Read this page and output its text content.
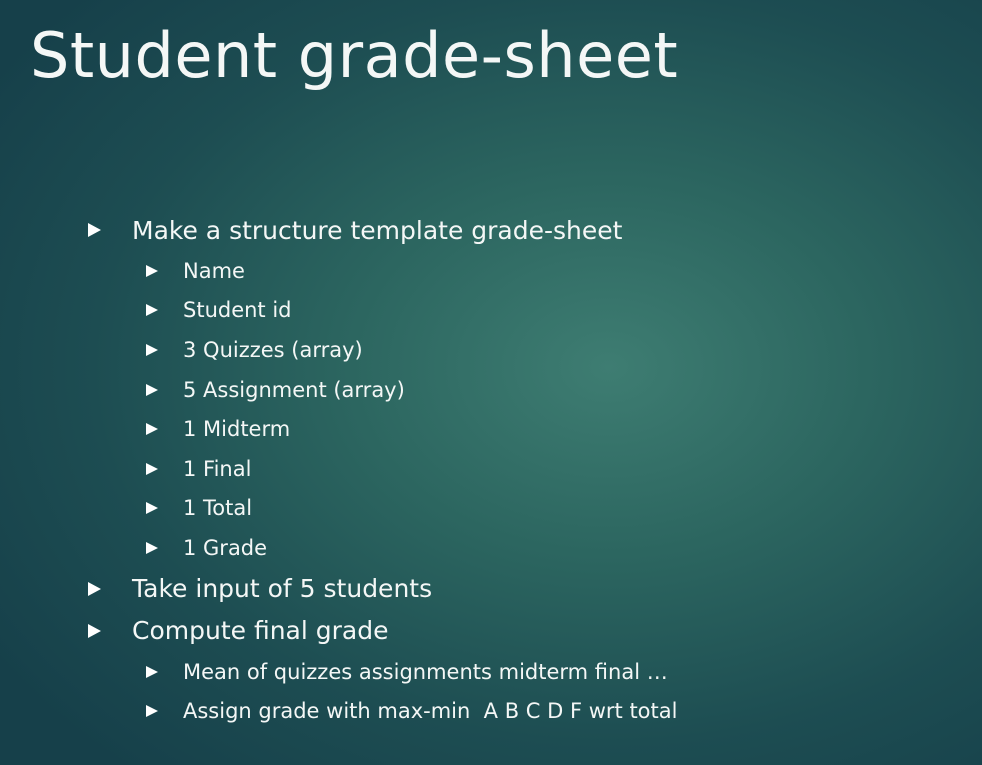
Student grade-sheet
Make a structure template grade-sheet
Name
Student id
3 Quizzes (array)
5 Assignment (array)
1 Midterm
1 Final
1 Total
1 Grade
Take input of 5 students
Compute final grade
Mean of quizzes assignments midterm final …
Assign grade with max-min  A B C D F wrt total
